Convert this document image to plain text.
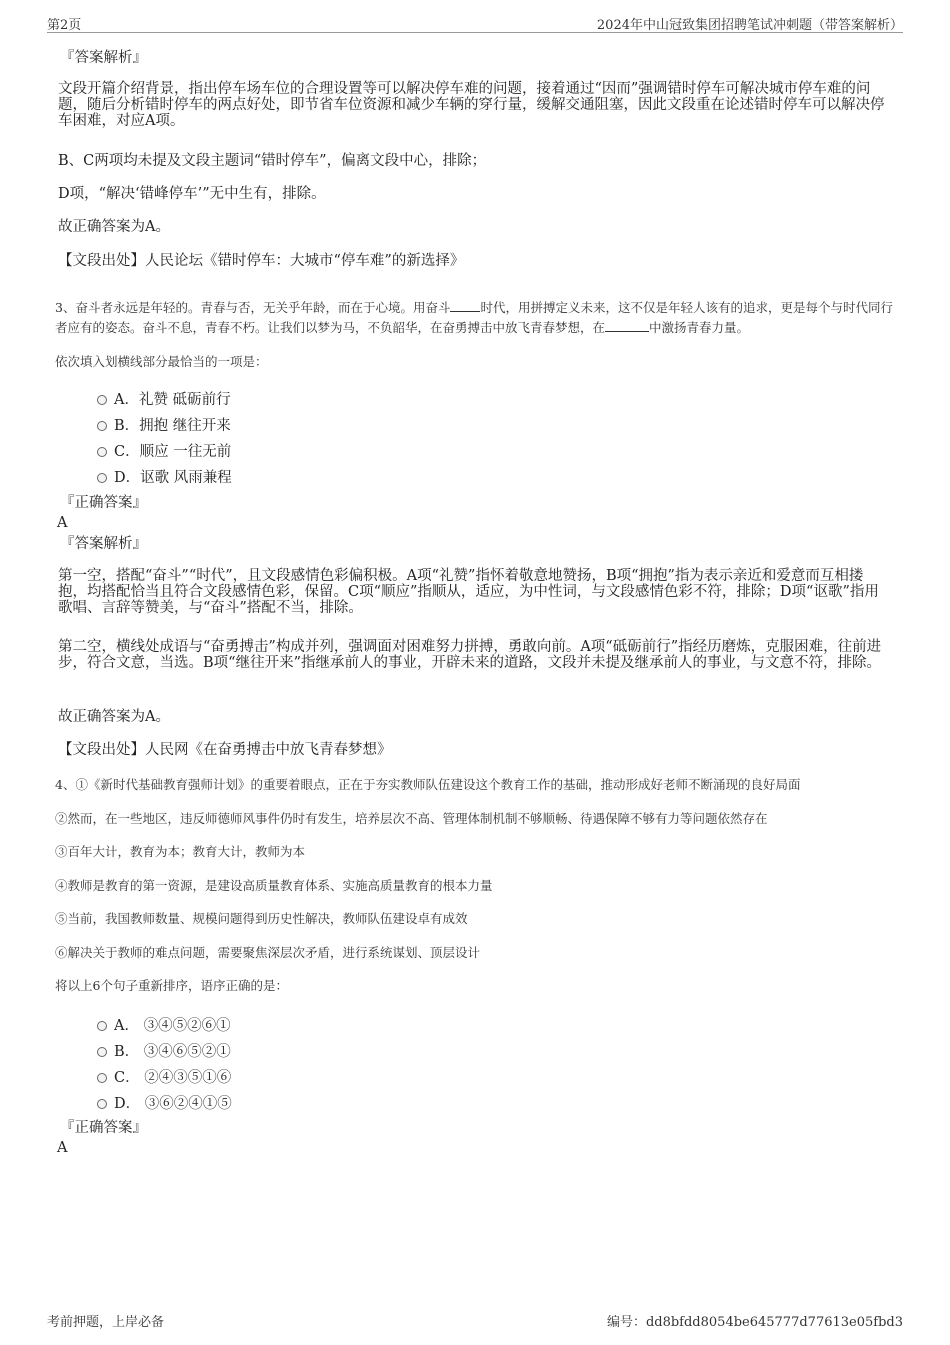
第2页	2024年中山冠致集团招聘笔试冲刺题（带答案解析）
『答案解析』

文段开篇介绍背景，指出停车场车位的合理设置等可以解决停车难的问题，接着通过“因而”强调错时停车可解决城市停车难的问题，随后分析错时停车的两点好处，即节省车位资源和减少车辆的穿行量，缓解交通阻塞，因此文段重在论述错时停车可以解决停车困难，对应A项。

B、C两项均未提及文段主题词“错时停车”，偏离文段中心，排除；

D项，“解决‘错峰停车’”无中生有，排除。

故正确答案为A。

【文段出处】人民论坛《错时停车：大城市“停车难”的新选择》

3、奋斗者永远是年轻的。青春与否，无关乎年龄，而在于心境。用奋斗 时代，用拼搏定义未来，这不仅是年轻人该有的追求，更是每个与时代同行者应有的姿态。奋斗不息，青春不朽。让我们以梦为马，不负韶华，在奋勇搏击中放飞青春梦想，在	中激扬青春力量。

依次填入划横线部分最恰当的一项是：

A．礼赞 砥砺前行
B．拥抱 继往开来
C．顺应 一往无前
D．讴歌 风雨兼程
『正确答案』
A
『答案解析』

第一空，搭配“奋斗”“时代”，且文段感情色彩偏积极。A项“礼赞”指怀着敬意地赞扬，B项“拥抱”指为表示亲近和爱意而互相搂抱，均搭配恰当且符合文段感情色彩，保留。C项“顺应”指顺从，适应，为中性词，与文段感情色彩不符，排除；D项“讴歌”指用歌唱、言辞等赞美，与“奋斗”搭配不当，排除。

第二空，横线处成语与“奋勇搏击”构成并列，强调面对困难努力拼搏，勇敢向前。A项“砥砺前行”指经历磨炼，克服困难，往前进步，符合文意，当选。B项“继往开来”指继承前人的事业，开辟未来的道路，文段并未提及继承前人的事业，与文意不符，排除。

故正确答案为A。

【文段出处】人民网《在奋勇搏击中放飞青春梦想》

4、①《新时代基础教育强师计划》的重要着眼点，正在于夯实教师队伍建设这个教育工作的基础，推动形成好老师不断涌现的良好局面

②然而，在一些地区，违反师德师风事件仍时有发生，培养层次不高、管理体制机制不够顺畅、待遇保障不够有力等问题依然存在

③百年大计，教育为本；教育大计，教师为本

④教师是教育的第一资源，是建设高质量教育体系、实施高质量教育的根本力量

⑤当前，我国教师数量、规模问题得到历史性解决，教师队伍建设卓有成效

⑥解决关于教师的难点问题，需要聚焦深层次矛盾，进行系统谋划、顶层设计

将以上6个句子重新排序，语序正确的是：

A． ③④⑤②⑥①
B． ③④⑥⑤②①
C． ②④③⑤①⑥
D． ③⑥②④①⑤
『正确答案』
A
考前押题，上岸必备	编号：dd8bfdd8054be645777d77613e05fbd3
